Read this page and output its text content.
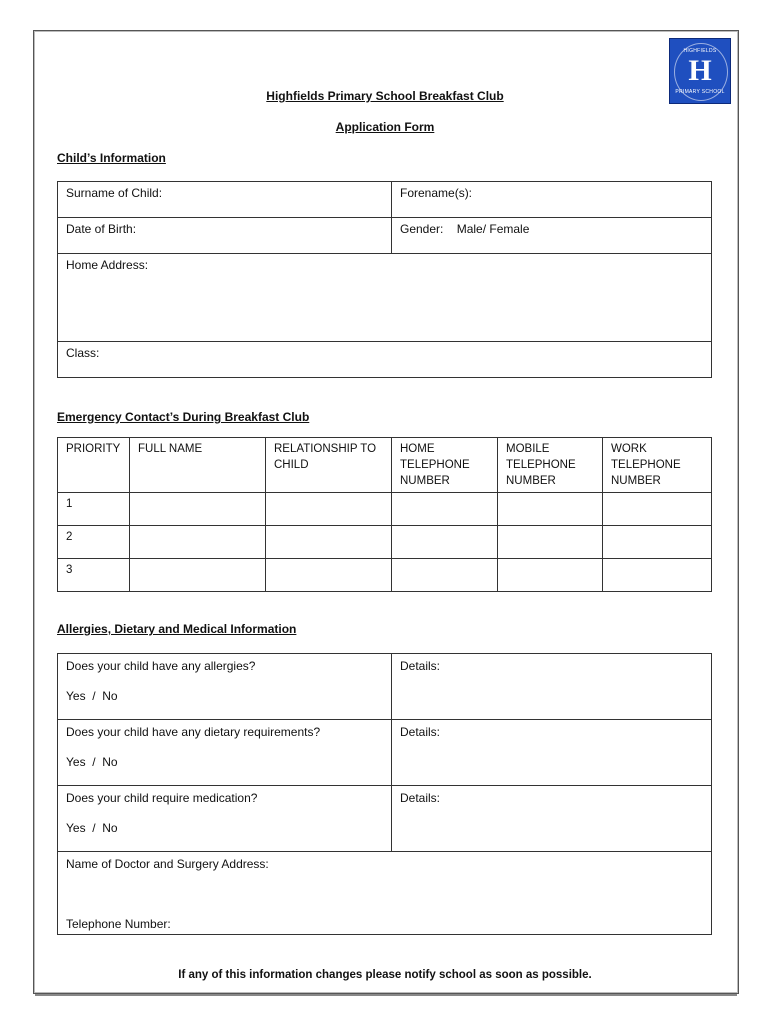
HIGHFIELDS
H
PRIMARY SCHOOL
Highfields Primary School Breakfast Club
Application Form
Child’s Information
Surname of Child:	Forename(s):
Date of Birth:	Gender:    Male/ Female
Home Address:	
Class:	
Emergency Contact’s During Breakfast Club
PRIORITY	FULL NAME	RELATIONSHIP TO CHILD	HOME TELEPHONE NUMBER	MOBILE TELEPHONE NUMBER	WORK TELEPHONE NUMBER
1					
2					
3					
Allergies, Dietary and Medical Information
Does your child have any allergies?
Yes  /  No	Details:
Does your child have any dietary requirements?
Yes  /  No	Details:
Does your child require medication?
Yes  /  No	Details:
Name of Doctor and Surgery Address:
Telephone Number:	
If any of this information changes please notify school as soon as possible.
